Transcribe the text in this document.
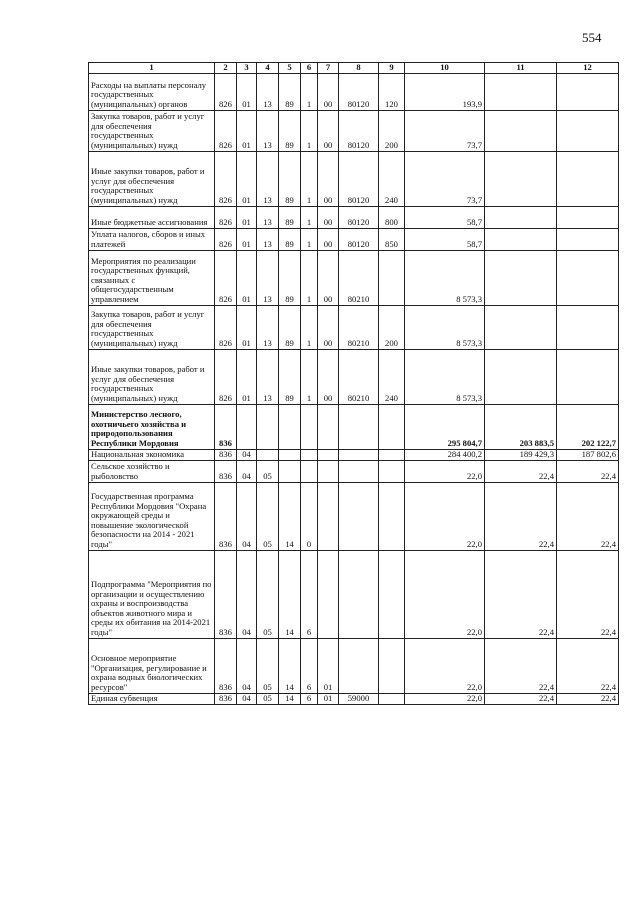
554
1	2	3	4	5	6	7	8	9	10	11	12
Расходы на выплаты персоналу государственных (муниципальных) органов	826	01	13	89	1	00	80120	120	193,9		
Закупка товаров, работ и услуг для обеспечения государственных (муниципальных) нужд	826	01	13	89	1	00	80120	200	73,7		
Иные закупки товаров, работ и услуг для обеспечения государственных (муниципальных) нужд	826	01	13	89	1	00	80120	240	73,7		
Иные бюджетные ассигнования	826	01	13	89	1	00	80120	800	58,7		
Уплата налогов, сборов и иных платежей	826	01	13	89	1	00	80120	850	58,7		
Мероприятия по реализации государственных функций, связанных с общегосударственным управлением	826	01	13	89	1	00	80210		8 573,3		
Закупка товаров, работ и услуг для обеспечения государственных (муниципальных) нужд	826	01	13	89	1	00	80210	200	8 573,3		
Иные закупки товаров, работ и услуг для обеспечения государственных (муниципальных) нужд	826	01	13	89	1	00	80210	240	8 573,3		
Министерство лесного, охотничьего хозяйства и природопользования Республики Мордовия	836								295 804,7	203 883,5	202 122,7
Национальная экономика	836	04							284 400,2	189 429,3	187 802,6
Сельское хозяйство и рыболовство	836	04	05						22,0	22,4	22,4
Государственная программа Республики Мордовия "Охрана окружающей среды и повышение экологической безопасности на 2014 - 2021 годы"	836	04	05	14	0				22,0	22,4	22,4
Подпрограмма "Мероприятия по организации и осуществлению охраны и воспроизводства объектов животного мира и среды их обитания на 2014-2021 годы"	836	04	05	14	6				22,0	22,4	22,4
Основное мероприятие "Организация, регулирование и охрана водных биологических ресурсов"	836	04	05	14	6	01			22,0	22,4	22,4
Единая субвенция	836	04	05	14	6	01	59000		22,0	22,4	22,4
